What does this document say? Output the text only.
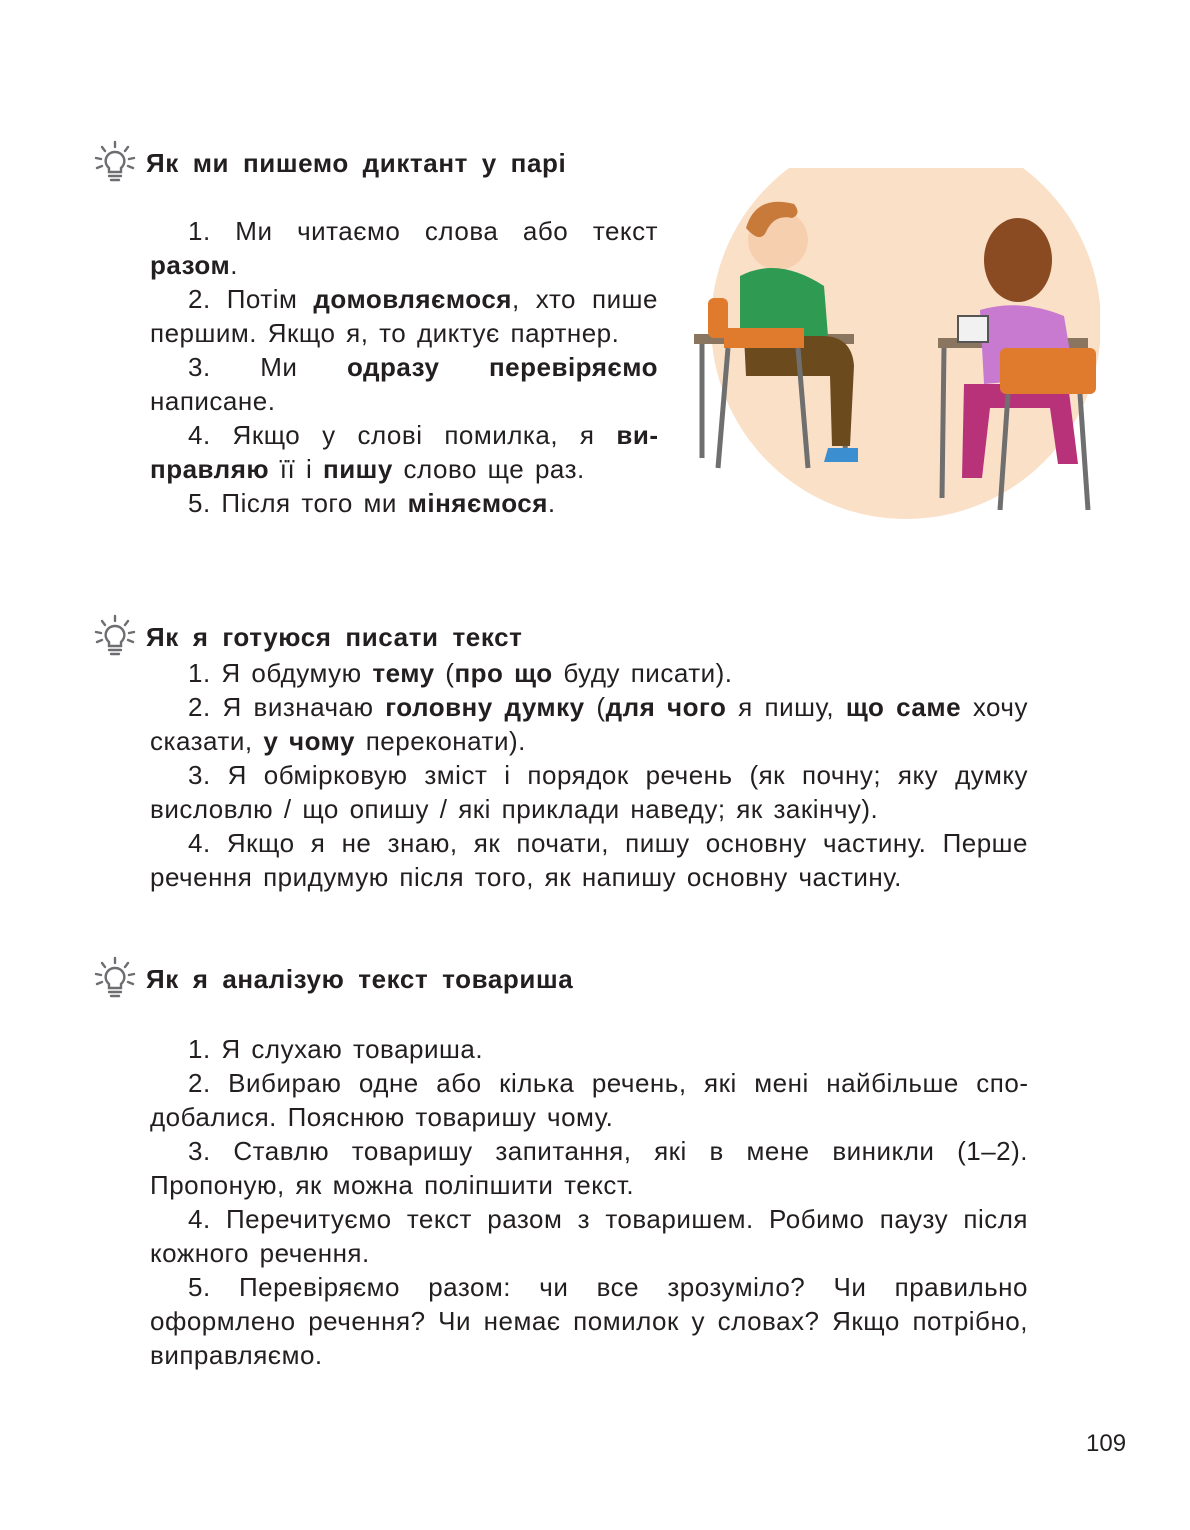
Як ми пишемо диктант у парі
1. Ми читаємо слова або текст разом.
2. Потім домовляємося, хто пише першим. Якщо я, то диктує партнер.
3. Ми одразу перевіряємо написане.
4. Якщо у слові помилка, я виправляю її і пишу слово ще раз.
5. Після того ми міняємося.
Як я готуюся писати текст
1. Я обдумую тему (про що буду писати).
2. Я визначаю головну думку (для чого я пишу, що саме хочу сказати, у чому переконати).
3. Я обмірковую зміст і порядок речень (як почну; яку думку висловлю / що опишу / які приклади наведу; як закінчу).
4. Якщо я не знаю, як почати, пишу основну частину. Перше речення придумую після того, як напишу основну частину.
Як я аналізую текст товариша
1. Я слухаю товариша.
2. Вибираю одне або кілька речень, які мені найбільше сподобалися. Пояснюю товаришу чому.
3. Ставлю товаришу запитання, які в мене виникли (1–2). Пропоную, як можна поліпшити текст.
4. Перечитуємо текст разом з товаришем. Робимо паузу після кожного речення.
5. Перевіряємо разом: чи все зрозуміло? Чи правильно оформлено речення? Чи немає помилок у словах? Якщо потрібно, виправляємо.
109
